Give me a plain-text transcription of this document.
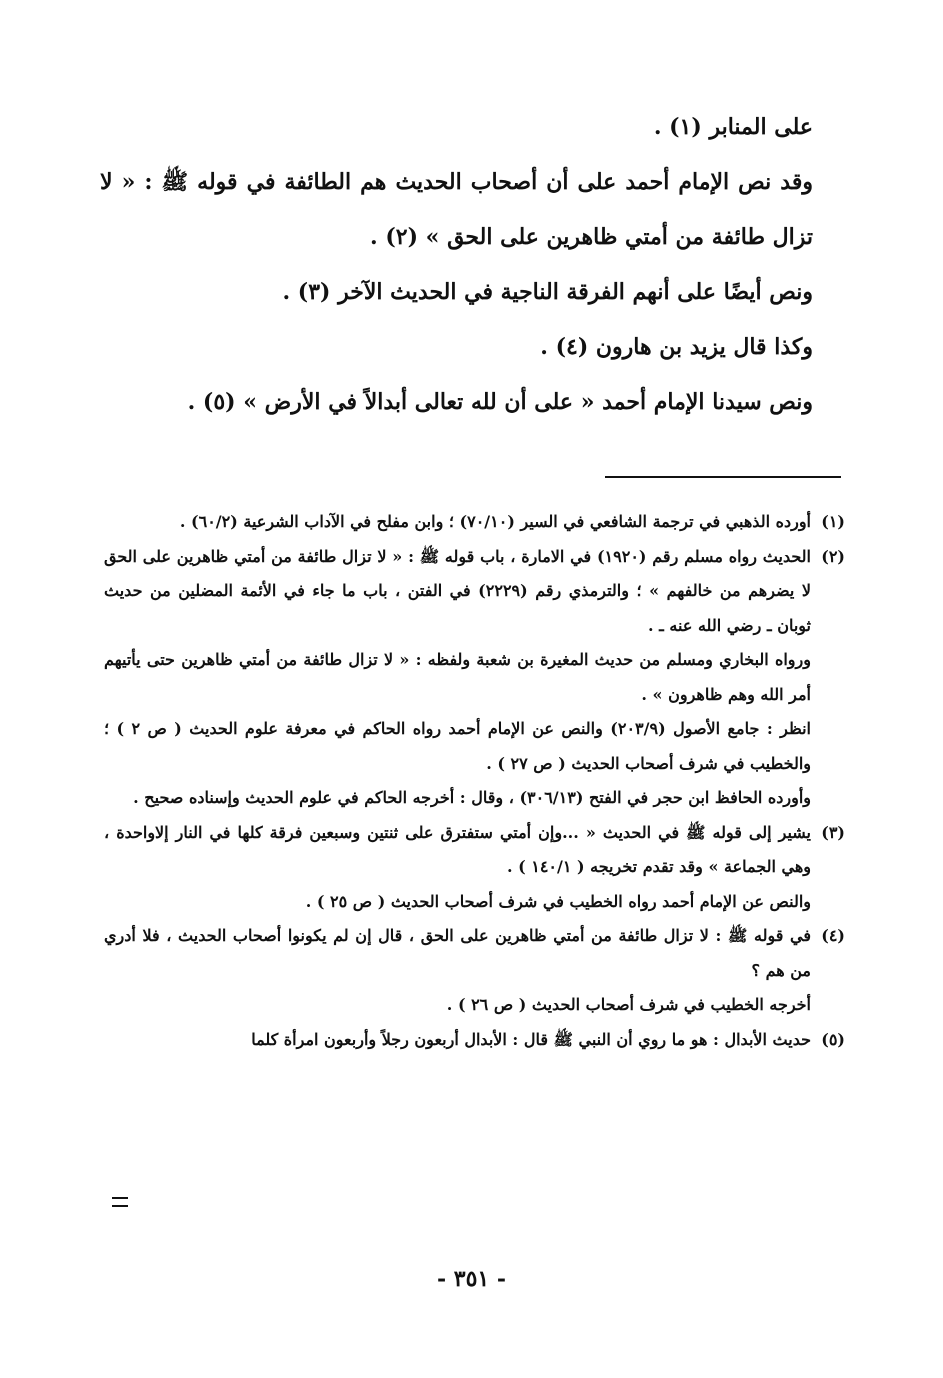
على المنابر (١) .

وقد نص الإمام أحمد على أن أصحاب الحديث هم الطائفة في قوله ﷺ : « لا تزال طائفة من أمتي ظاهرين على الحق » (٢) .

ونص أيضًا على أنهم الفرقة الناجية في الحديث الآخر (٣) .

وكذا قال يزيد بن هارون (٤) .

ونص سيدنا الإمام أحمد « على أن لله تعالى أبدالاً في الأرض » (٥) .

(١)

أورده الذهبي في ترجمة الشافعي في السير (٧٠/١٠) ؛ وابن مفلح في الآداب الشرعية (٦٠/٢) .

(٢)

الحديث رواه مسلم رقم (١٩٢٠) في الامارة ، باب قوله ﷺ : « لا تزال طائفة من أمتي ظاهرين على الحق لا يضرهم من خالفهم » ؛ والترمذي رقم (٢٢٢٩) في الفتن ، باب ما جاء في الأئمة المضلين من حديث ثوبان ـ رضي الله عنه ـ .

ورواه البخاري ومسلم من حديث المغيرة بن شعبة ولفظه : « لا تزال طائفة من أمتي ظاهرين حتى يأتيهم أمر الله وهم ظاهرون » .

انظر : جامع الأصول (٢٠٣/٩) والنص عن الإمام أحمد رواه الحاكم في معرفة علوم الحديث ( ص ٢ ) ؛ والخطيب في شرف أصحاب الحديث ( ص ٢٧ ) .

وأورده الحافظ ابن حجر في الفتح (٣٠٦/١٣) ، وقال : أخرجه الحاكم في علوم الحديث وإسناده صحيح .

(٣)

يشير إلى قوله ﷺ في الحديث « ...وإن أمتي ستفترق على ثنتين وسبعين فرقة كلها في النار إلاواحدة ، وهي الجماعة » وقد تقدم تخريجه ( ١٤٠/١ ) .

والنص عن الإمام أحمد رواه الخطيب في شرف أصحاب الحديث ( ص ٢٥ ) .

(٤)

في قوله ﷺ : لا تزال طائفة من أمتي ظاهرين على الحق ، قال إن لم يكونوا أصحاب الحديث ، فلا أدري من هم ؟

أخرجه الخطيب في شرف أصحاب الحديث ( ص ٢٦ ) .

(٥)

حديث الأبدال : هو ما روي أن النبي ﷺ قال : الأبدال أربعون رجلاً وأربعون امرأة كلما

- ٣٥١ -
